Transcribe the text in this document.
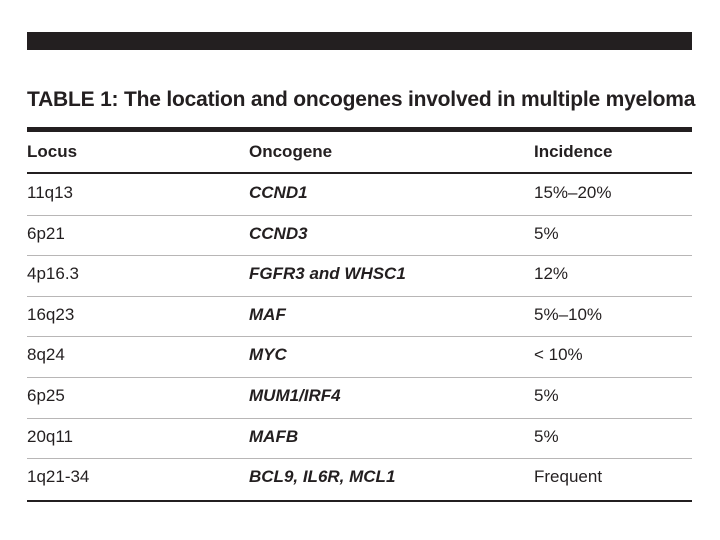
TABLE 1: The location and oncogenes involved in multiple myeloma
Locus	Oncogene	Incidence
11q13	CCND1	15%–20%
6p21	CCND3	5%
4p16.3	FGFR3 and WHSC1	12%
16q23	MAF	5%–10%
8q24	MYC	< 10%
6p25	MUM1/IRF4	5%
20q11	MAFB	5%
1q21-34	BCL9, IL6R, MCL1	Frequent
